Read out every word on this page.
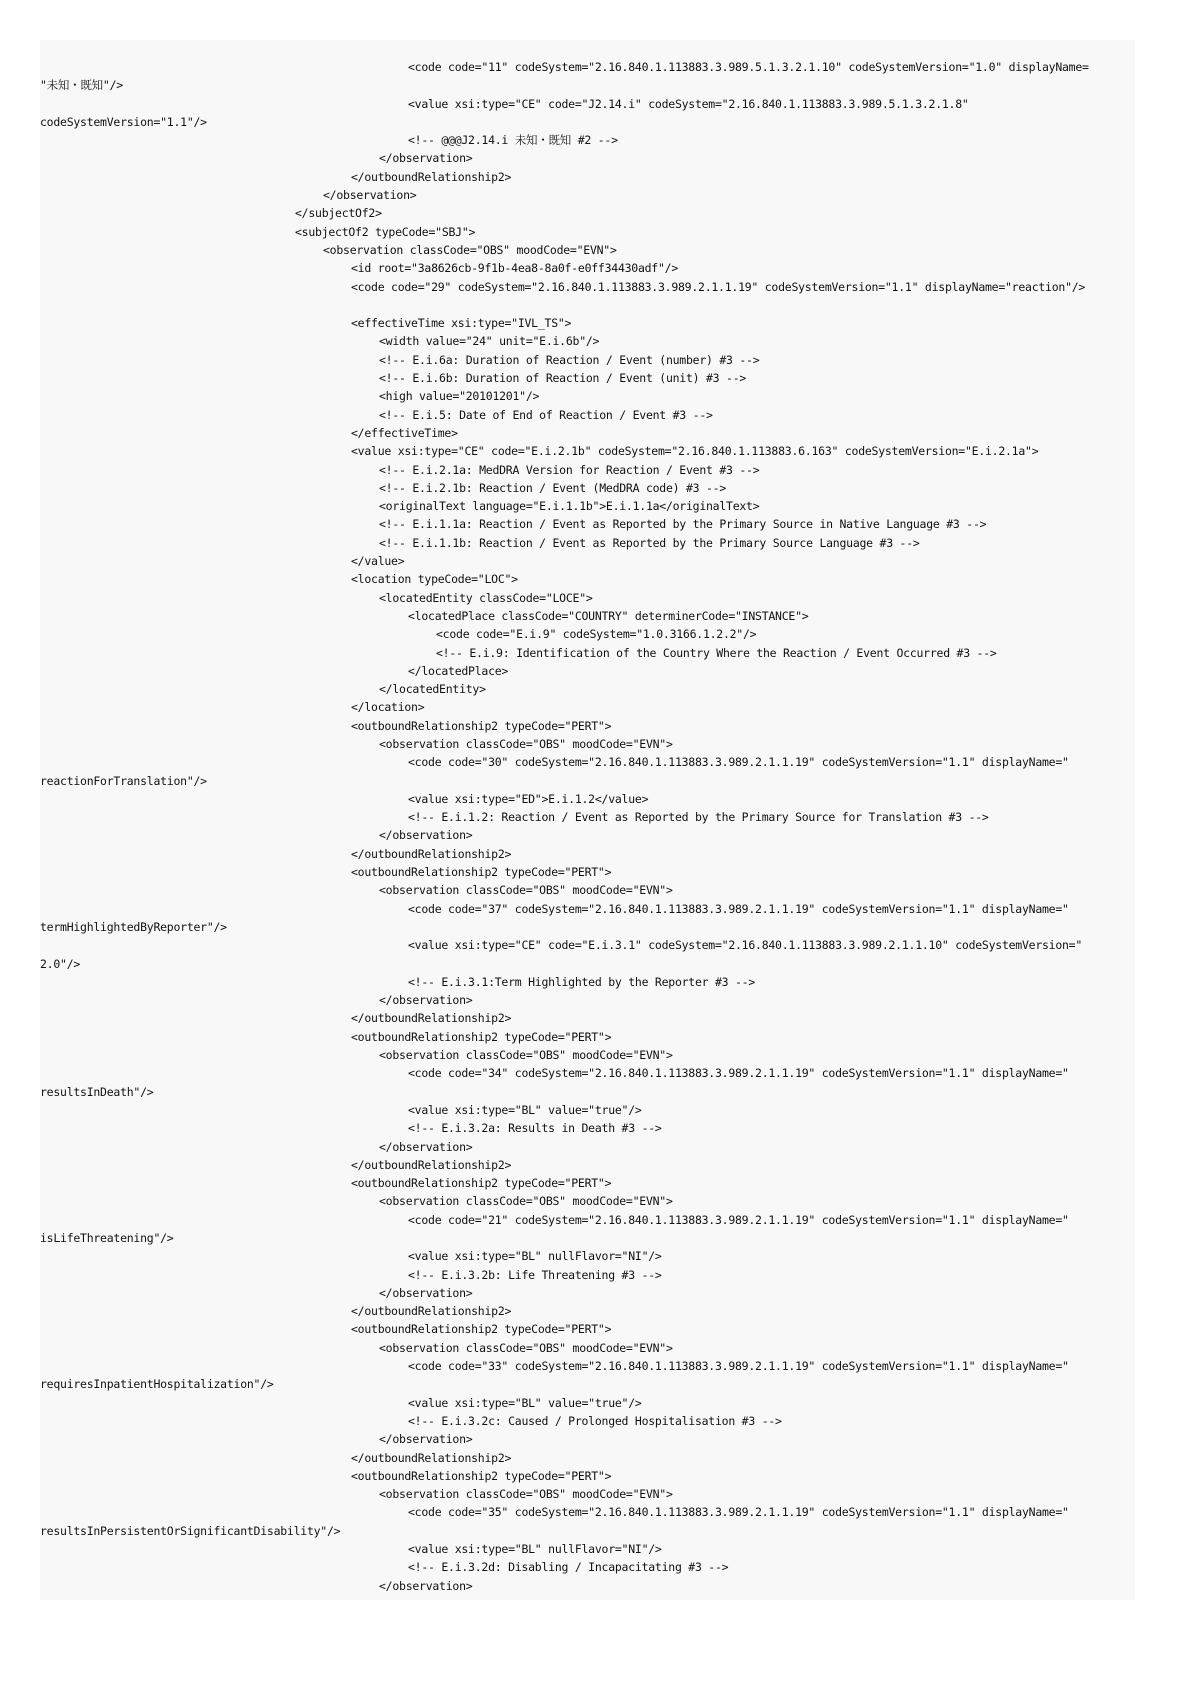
<code code="11" codeSystem="2.16.840.1.113883.3.989.5.1.3.2.1.10" codeSystemVersion="1.0" displayName=
"未知・既知"/>
<value xsi:type="CE" code="J2.14.i" codeSystem="2.16.840.1.113883.3.989.5.1.3.2.1.8"
codeSystemVersion="1.1"/>
<!-- @@@J2.14.i 未知・既知 #2 -->
</observation>
</outboundRelationship2>
</observation>
</subjectOf2>
<subjectOf2 typeCode="SBJ">
<observation classCode="OBS" moodCode="EVN">
<id root="3a8626cb-9f1b-4ea8-8a0f-e0ff34430adf"/>
<code code="29" codeSystem="2.16.840.1.113883.3.989.2.1.1.19" codeSystemVersion="1.1" displayName="reaction"/>
<effectiveTime xsi:type="IVL_TS">
<width value="24" unit="E.i.6b"/>
<!-- E.i.6a: Duration of Reaction / Event (number) #3 -->
<!-- E.i.6b: Duration of Reaction / Event (unit) #3 -->
<high value="20101201"/>
<!-- E.i.5: Date of End of Reaction / Event #3 -->
</effectiveTime>
<value xsi:type="CE" code="E.i.2.1b" codeSystem="2.16.840.1.113883.6.163" codeSystemVersion="E.i.2.1a">
<!-- E.i.2.1a: MedDRA Version for Reaction / Event #3 -->
<!-- E.i.2.1b: Reaction / Event (MedDRA code) #3 -->
<originalText language="E.i.1.1b">E.i.1.1a</originalText>
<!-- E.i.1.1a: Reaction / Event as Reported by the Primary Source in Native Language #3 -->
<!-- E.i.1.1b: Reaction / Event as Reported by the Primary Source Language #3 -->
</value>
<location typeCode="LOC">
<locatedEntity classCode="LOCE">
<locatedPlace classCode="COUNTRY" determinerCode="INSTANCE">
<code code="E.i.9" codeSystem="1.0.3166.1.2.2"/>
<!-- E.i.9: Identification of the Country Where the Reaction / Event Occurred #3 -->
</locatedPlace>
</locatedEntity>
</location>
<outboundRelationship2 typeCode="PERT">
<observation classCode="OBS" moodCode="EVN">
<code code="30" codeSystem="2.16.840.1.113883.3.989.2.1.1.19" codeSystemVersion="1.1" displayName="
reactionForTranslation"/>
<value xsi:type="ED">E.i.1.2</value>
<!-- E.i.1.2: Reaction / Event as Reported by the Primary Source for Translation #3 -->
</observation>
</outboundRelationship2>
<outboundRelationship2 typeCode="PERT">
<observation classCode="OBS" moodCode="EVN">
<code code="37" codeSystem="2.16.840.1.113883.3.989.2.1.1.19" codeSystemVersion="1.1" displayName="
termHighlightedByReporter"/>
<value xsi:type="CE" code="E.i.3.1" codeSystem="2.16.840.1.113883.3.989.2.1.1.10" codeSystemVersion="
2.0"/>
<!-- E.i.3.1:Term Highlighted by the Reporter #3 -->
</observation>
</outboundRelationship2>
<outboundRelationship2 typeCode="PERT">
<observation classCode="OBS" moodCode="EVN">
<code code="34" codeSystem="2.16.840.1.113883.3.989.2.1.1.19" codeSystemVersion="1.1" displayName="
resultsInDeath"/>
<value xsi:type="BL" value="true"/>
<!-- E.i.3.2a: Results in Death #3 -->
</observation>
</outboundRelationship2>
<outboundRelationship2 typeCode="PERT">
<observation classCode="OBS" moodCode="EVN">
<code code="21" codeSystem="2.16.840.1.113883.3.989.2.1.1.19" codeSystemVersion="1.1" displayName="
isLifeThreatening"/>
<value xsi:type="BL" nullFlavor="NI"/>
<!-- E.i.3.2b: Life Threatening #3 -->
</observation>
</outboundRelationship2>
<outboundRelationship2 typeCode="PERT">
<observation classCode="OBS" moodCode="EVN">
<code code="33" codeSystem="2.16.840.1.113883.3.989.2.1.1.19" codeSystemVersion="1.1" displayName="
requiresInpatientHospitalization"/>
<value xsi:type="BL" value="true"/>
<!-- E.i.3.2c: Caused / Prolonged Hospitalisation #3 -->
</observation>
</outboundRelationship2>
<outboundRelationship2 typeCode="PERT">
<observation classCode="OBS" moodCode="EVN">
<code code="35" codeSystem="2.16.840.1.113883.3.989.2.1.1.19" codeSystemVersion="1.1" displayName="
resultsInPersistentOrSignificantDisability"/>
<value xsi:type="BL" nullFlavor="NI"/>
<!-- E.i.3.2d: Disabling / Incapacitating #3 -->
</observation>
